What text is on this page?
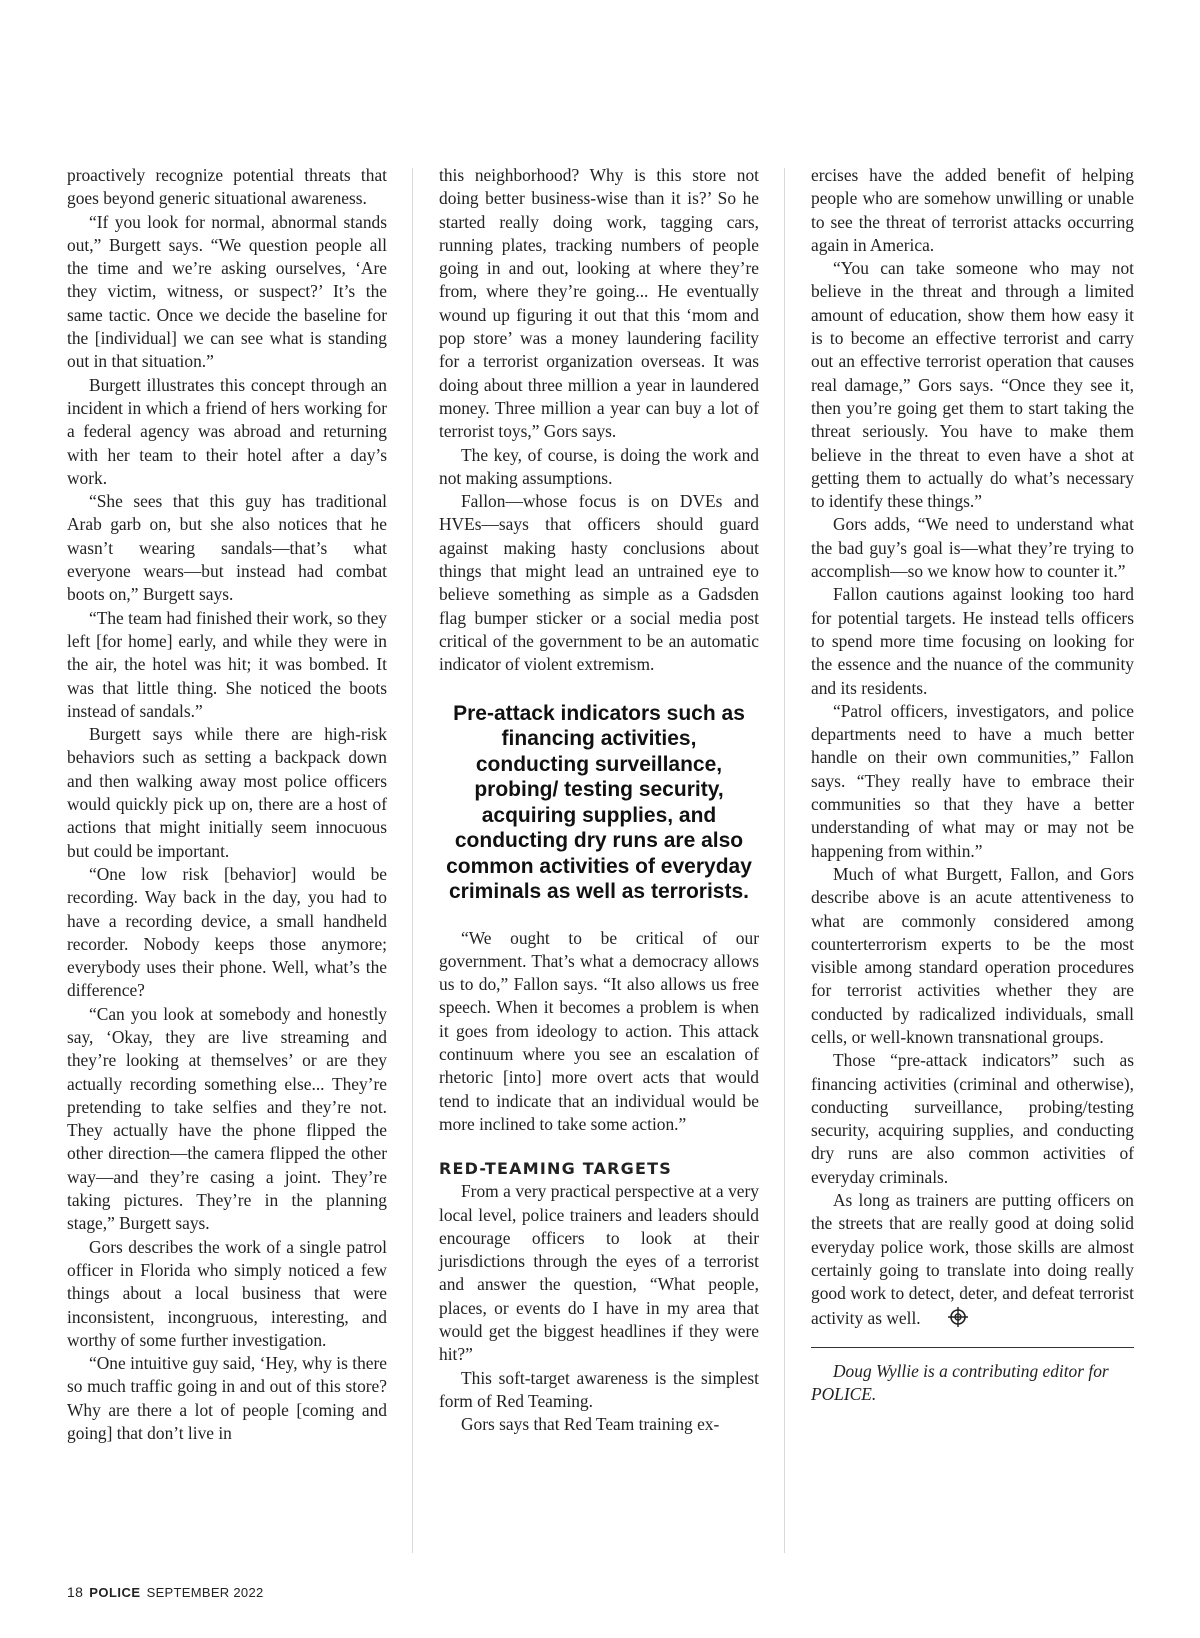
proactively recognize potential threats that goes beyond generic situational awareness.

“If you look for normal, abnormal stands out,” Burgett says. “We question people all the time and we’re asking ourselves, ‘Are they victim, witness, or suspect?’ It’s the same tactic. Once we decide the baseline for the [individual] we can see what is standing out in that situation.”

Burgett illustrates this concept through an incident in which a friend of hers working for a federal agency was abroad and returning with her team to their hotel after a day’s work.

“She sees that this guy has traditional Arab garb on, but she also notices that he wasn’t wearing sandals—that’s what everyone wears—but instead had combat boots on,” Burgett says.

“The team had finished their work, so they left [for home] early, and while they were in the air, the hotel was hit; it was bombed. It was that little thing. She noticed the boots instead of sandals.”

Burgett says while there are high-risk behaviors such as setting a backpack down and then walking away most police officers would quickly pick up on, there are a host of actions that might initially seem innocuous but could be important.

“One low risk [behavior] would be recording. Way back in the day, you had to have a recording device, a small handheld recorder. Nobody keeps those anymore; everybody uses their phone. Well, what’s the difference?

“Can you look at somebody and honestly say, ‘Okay, they are live streaming and they’re looking at themselves’ or are they actually recording something else... They’re pretending to take selfies and they’re not. They actually have the phone flipped the other direction—the camera flipped the other way—and they’re casing a joint. They’re taking pictures. They’re in the planning stage,” Burgett says.

Gors describes the work of a single patrol officer in Florida who simply noticed a few things about a local business that were inconsistent, incongruous, interesting, and worthy of some further investigation.

“One intuitive guy said, ‘Hey, why is there so much traffic going in and out of this store? Why are there a lot of people [coming and going] that don’t live in

this neighborhood? Why is this store not doing better business-wise than it is?’ So he started really doing work, tagging cars, running plates, tracking numbers of people going in and out, looking at where they’re from, where they’re going... He eventually wound up figuring it out that this ‘mom and pop store’ was a money laundering facility for a terrorist organization overseas. It was doing about three million a year in laundered money. Three million a year can buy a lot of terrorist toys,” Gors says.

The key, of course, is doing the work and not making assumptions.

Fallon—whose focus is on DVEs and HVEs—says that officers should guard against making hasty conclusions about things that might lead an untrained eye to believe something as simple as a Gadsden flag bumper sticker or a social media post critical of the government to be an automatic indicator of violent extremism.

Pre-attack indicators such as financing activities, conducting surveillance, probing/ testing security, acquiring supplies, and conducting dry runs are also common activities of everyday criminals as well as terrorists.

“We ought to be critical of our government. That’s what a democracy allows us to do,” Fallon says. “It also allows us free speech. When it becomes a problem is when it goes from ideology to action. This attack continuum where you see an escalation of rhetoric [into] more overt acts that would tend to indicate that an individual would be more inclined to take some action.”

RED-TEAMING TARGETS

From a very practical perspective at a very local level, police trainers and leaders should encourage officers to look at their jurisdictions through the eyes of a terrorist and answer the question, “What people, places, or events do I have in my area that would get the biggest headlines if they were hit?”

This soft-target awareness is the simplest form of Red Teaming.

Gors says that Red Team training ex-

ercises have the added benefit of helping people who are somehow unwilling or unable to see the threat of terrorist attacks occurring again in America.

“You can take someone who may not believe in the threat and through a limited amount of education, show them how easy it is to become an effective terrorist and carry out an effective terrorist operation that causes real damage,” Gors says. “Once they see it, then you’re going get them to start taking the threat seriously. You have to make them believe in the threat to even have a shot at getting them to actually do what’s necessary to identify these things.”

Gors adds, “We need to understand what the bad guy’s goal is—what they’re trying to accomplish—so we know how to counter it.”

Fallon cautions against looking too hard for potential targets. He instead tells officers to spend more time focusing on looking for the essence and the nuance of the community and its residents.

“Patrol officers, investigators, and police departments need to have a much better handle on their own communities,” Fallon says. “They really have to embrace their communities so that they have a better understanding of what may or may not be happening from within.”

Much of what Burgett, Fallon, and Gors describe above is an acute attentiveness to what are commonly considered among counterterrorism experts to be the most visible among standard operation procedures for terrorist activities whether they are conducted by radicalized individuals, small cells, or well-known transnational groups.

Those “pre-attack indicators” such as financing activities (criminal and otherwise), conducting surveillance, probing/testing security, acquiring supplies, and conducting dry runs are also common activities of everyday criminals.

As long as trainers are putting officers on the streets that are really good at doing solid everyday police work, those skills are almost certainly going to translate into doing really good work to detect, deter, and defeat terrorist activity as well.

Doug Wyllie is a contributing editor for POLICE.

18 POLICE SEPTEMBER 2022
